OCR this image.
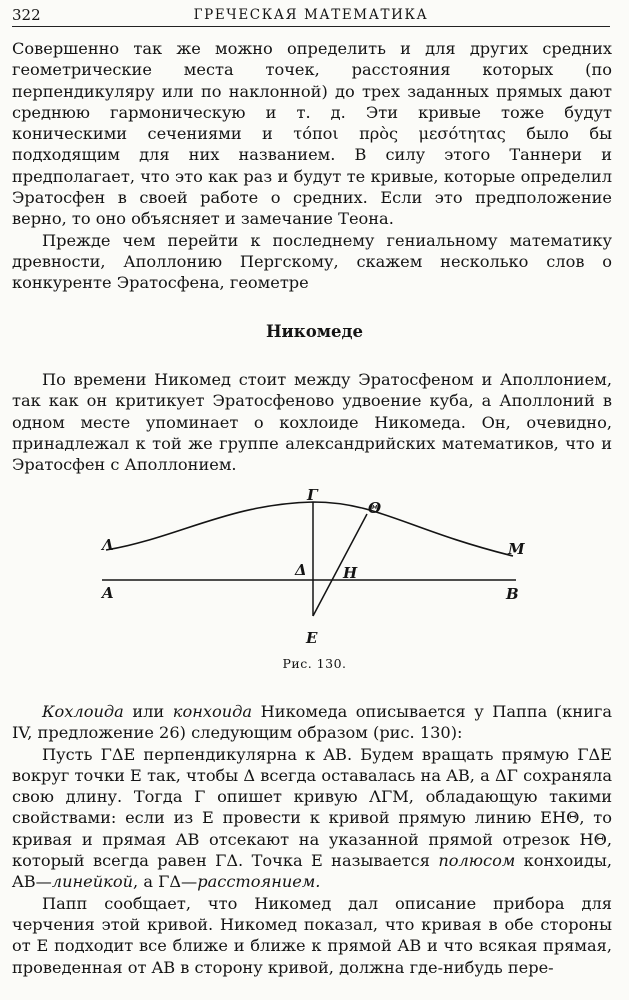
322	ГРЕЧЕСКАЯ МАТЕМАТИКА

Совершенно так же можно определить и для других средних геометрические места точек, расстояния которых (по перпендикуляру или по наклонной) до трех заданных прямых дают среднюю гармоническую и т. д. Эти кривые тоже будут коническими сечениями и τόποι πρὸς μεσότητας было бы подходящим для них названием. В силу этого Таннери и предполагает, что это как раз и будут те кривые, которые определил Эратосфен в своей работе о средних. Если это предположение верно, то оно объясняет и замечание Теона.

Прежде чем перейти к последнему гениальному математику древности, Аполлонию Пергскому, скажем несколько слов о конкуренте Эратосфена, геометре

Никомеде

По времени Никомед стоит между Эратосфеном и Аполлонием, так как он критикует Эратосфеново удвоение куба, а Аполлоний в одном месте упоминает о кохлоиде Никомеда. Он, очевидно, принадлежал к той же группе александрийских математиков, что и Эратосфен с Аполлонием.

Λ
A
Γ
Θ
M
Δ H
B
E
Рис. 130.

Кохлоида или конхоида Никомеда описывается у Паппа (книга IV, предложение 26) следующим образом (рис. 130):

Пусть ΓΔE перпендикулярна к AB. Будем вращать прямую ΓΔE вокруг точки E так, чтобы Δ всегда оставалась на AB, а ΔΓ сохраняла свою длину. Тогда Γ опишет кривую ΛΓM, обладающую такими свойствами: если из E провести к кривой прямую линию EHΘ, то кривая и прямая AB отсекают на указанной прямой отрезок HΘ, который всегда равен ΓΔ. Точка E называется полюсом конхоиды, AB—линейкой, а ΓΔ—расстоянием.

Папп сообщает, что Никомед дал описание прибора для черчения этой кривой. Никомед показал, что кривая в обе стороны от E подходит все ближе и ближе к прямой AB и что всякая прямая, проведенная от AB в сторону кривой, должна где-нибудь пере-
